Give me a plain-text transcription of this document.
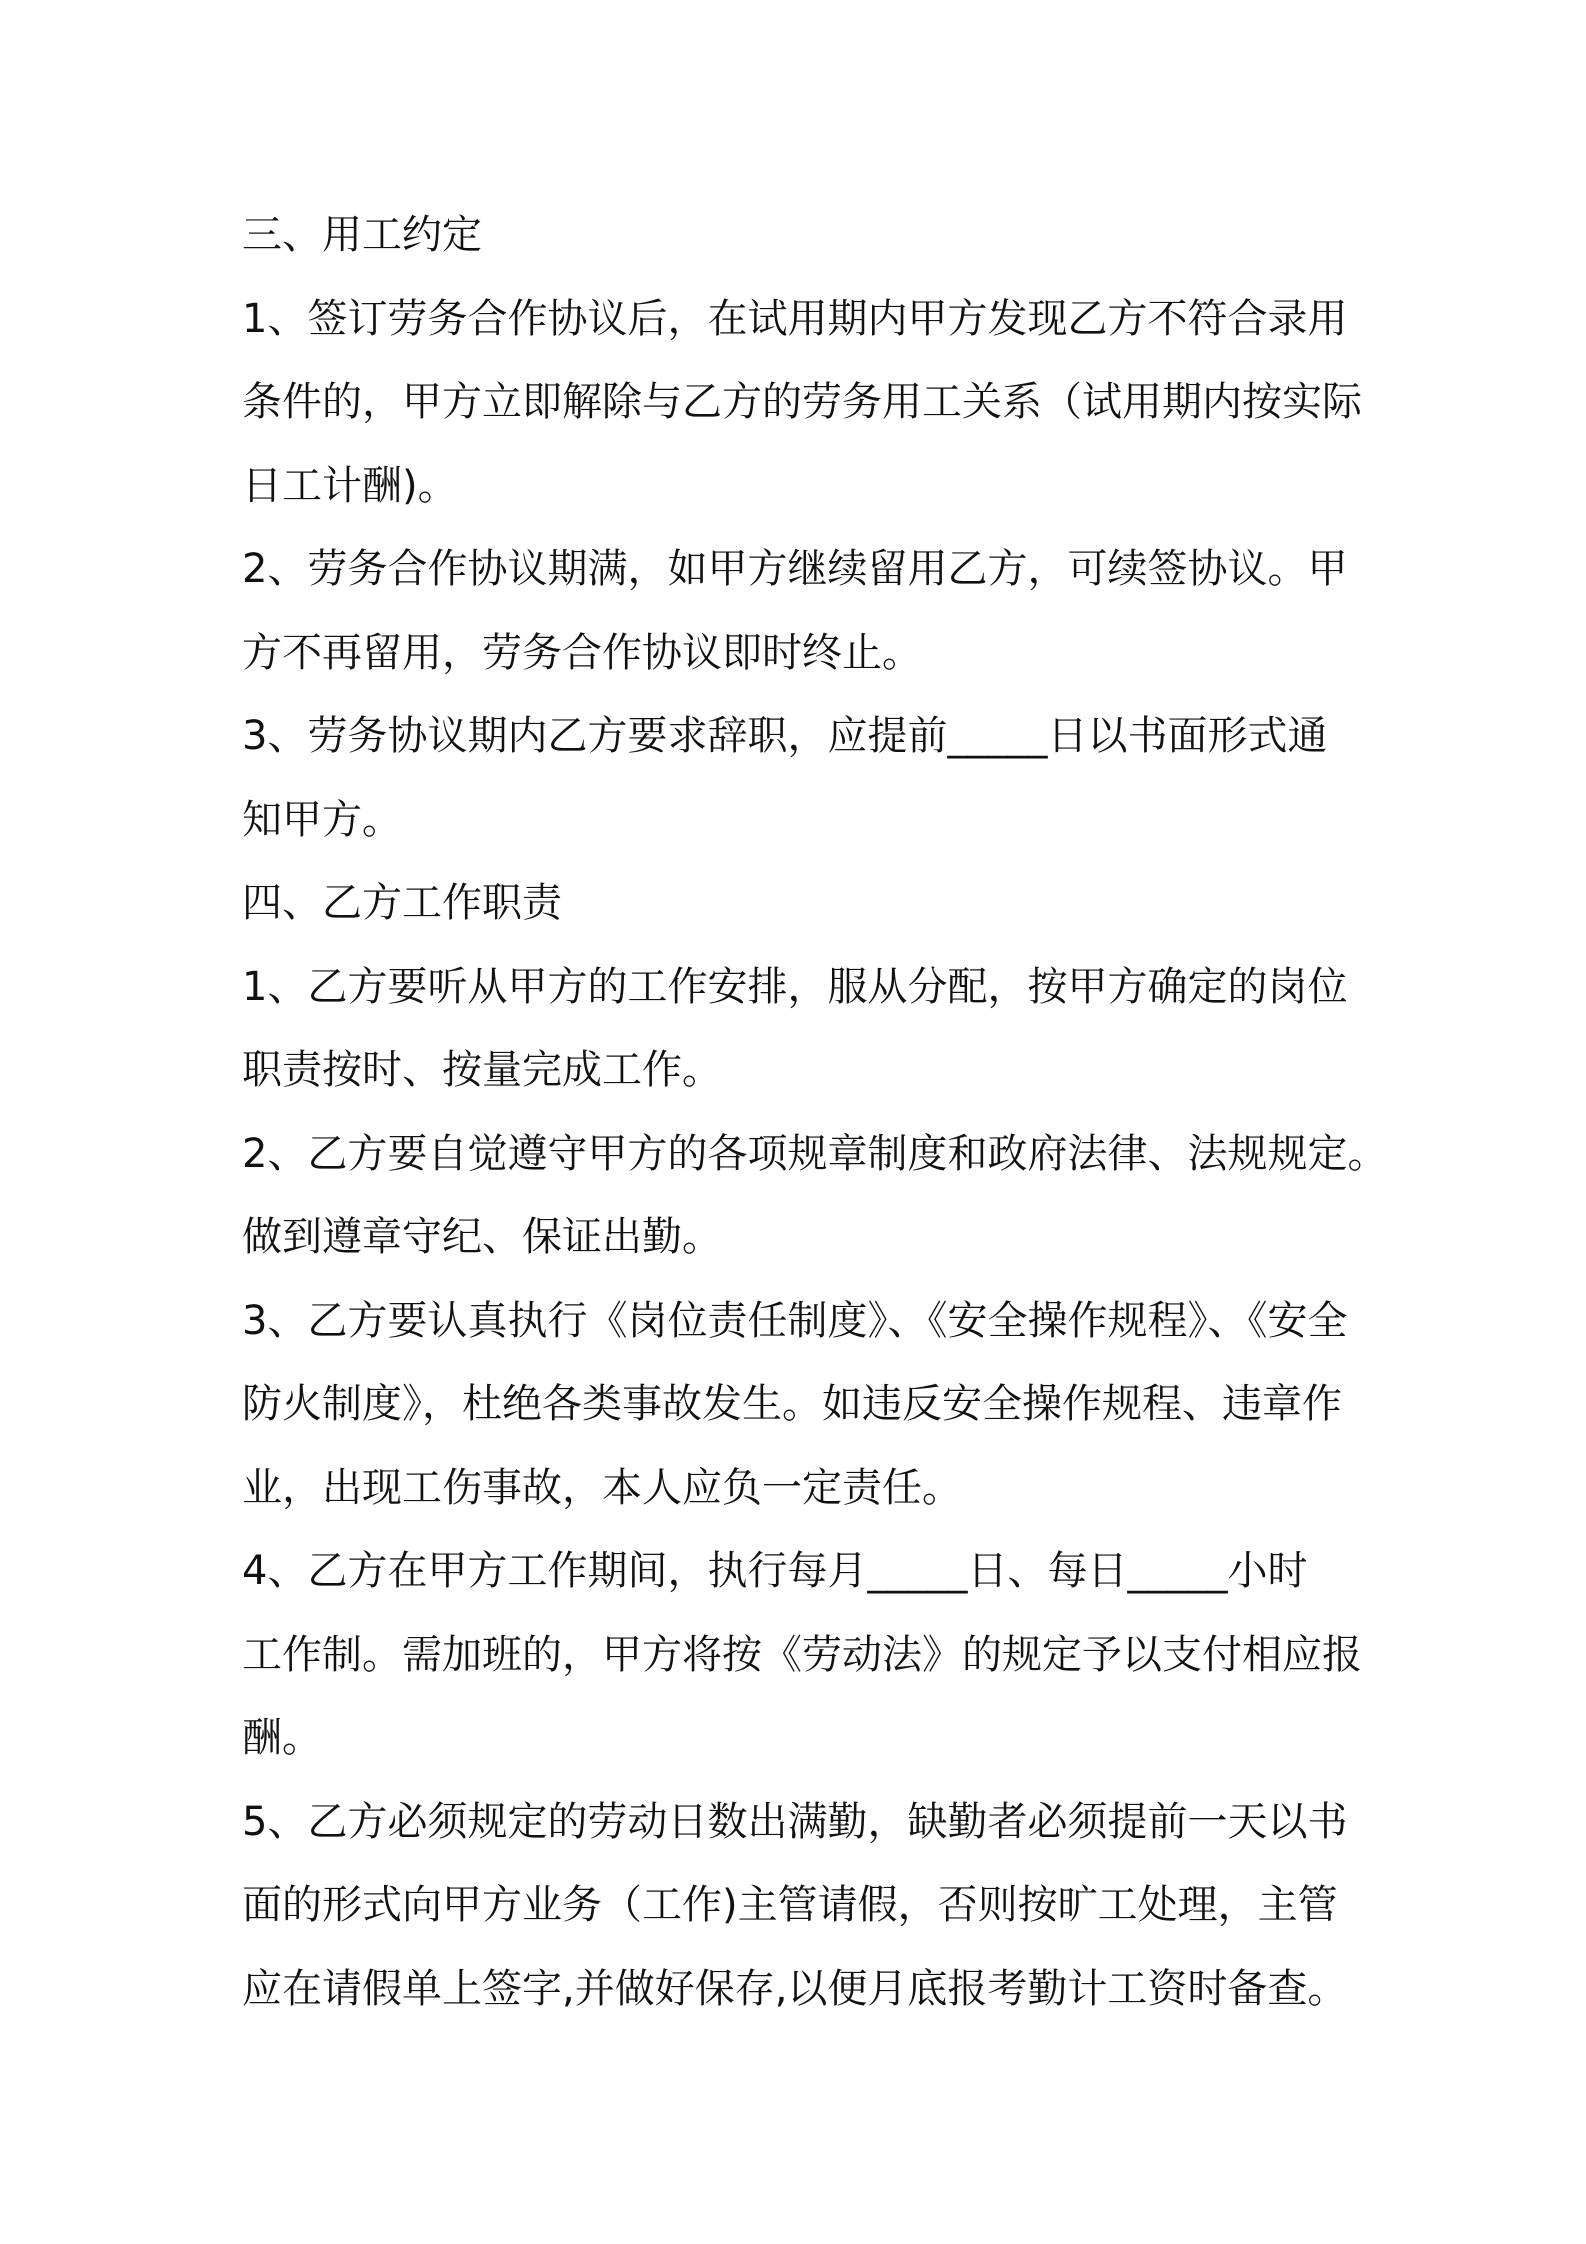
三、用工约定
1、签订劳务合作协议后，在试用期内甲方发现乙方不符合录用
条件的，甲方立即解除与乙方的劳务用工关系（试用期内按实际
日工计酬)。
2、劳务合作协议期满，如甲方继续留用乙方，可续签协议。甲
方不再留用，劳务合作协议即时终止。
3、劳务协议期内乙方要求辞职，应提前_____日以书面形式通
知甲方。
四、乙方工作职责
1、乙方要听从甲方的工作安排，服从分配，按甲方确定的岗位
职责按时、按量完成工作。
2、乙方要自觉遵守甲方的各项规章制度和政府法律、法规规定。
做到遵章守纪、保证出勤。
3、乙方要认真执行《岗位责任制度》、《安全操作规程》、《安全
防火制度》，杜绝各类事故发生。如违反安全操作规程、违章作
业，出现工伤事故，本人应负一定责任。
4、乙方在甲方工作期间，执行每月_____日、每日_____小时
工作制。需加班的，甲方将按《劳动法》的规定予以支付相应报
酬。
5、乙方必须规定的劳动日数出满勤，缺勤者必须提前一天以书
面的形式向甲方业务（工作)主管请假，否则按旷工处理，主管
应在请假单上签字,并做好保存,以便月底报考勤计工资时备查。
